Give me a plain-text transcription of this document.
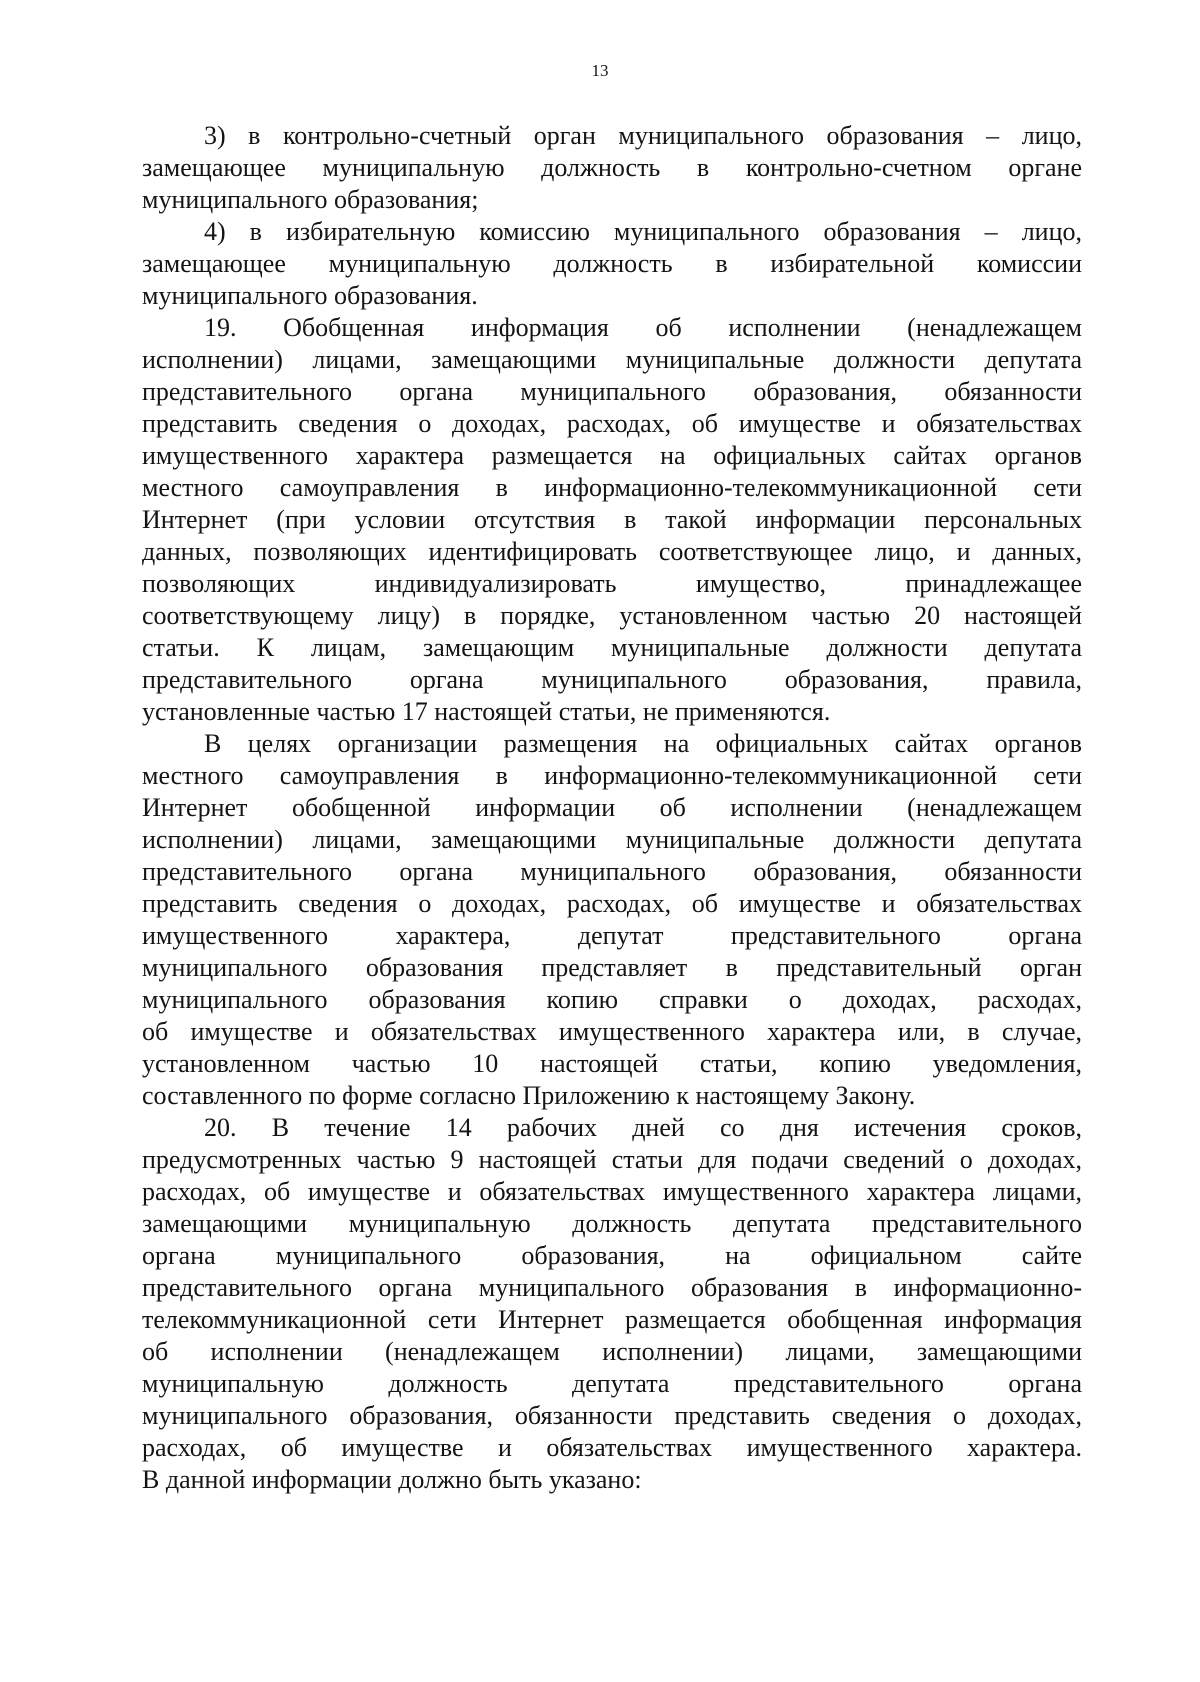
13
3) в контрольно-счетный орган муниципального образования – лицо,
замещающее муниципальную должность в контрольно-счетном органе
муниципального образования;
4) в избирательную комиссию муниципального образования – лицо,
замещающее муниципальную должность в избирательной комиссии
муниципального образования.
19. Обобщенная информация об исполнении (ненадлежащем
исполнении) лицами, замещающими муниципальные должности депутата
представительного органа муниципального образования, обязанности
представить сведения о доходах, расходах, об имуществе и обязательствах
имущественного характера размещается на официальных сайтах органов
местного самоуправления в информационно-телекоммуникационной сети
Интернет (при условии отсутствия в такой информации персональных
данных, позволяющих идентифицировать соответствующее лицо, и данных,
позволяющих индивидуализировать имущество, принадлежащее
соответствующему лицу) в порядке, установленном частью 20 настоящей
статьи. К лицам, замещающим муниципальные должности депутата
представительного органа муниципального образования, правила,
установленные частью 17 настоящей статьи, не применяются.
В целях организации размещения на официальных сайтах органов
местного самоуправления в информационно-телекоммуникационной сети
Интернет обобщенной информации об исполнении (ненадлежащем
исполнении) лицами, замещающими муниципальные должности депутата
представительного органа муниципального образования, обязанности
представить сведения о доходах, расходах, об имуществе и обязательствах
имущественного характера, депутат представительного органа
муниципального образования представляет в представительный орган
муниципального образования копию справки о доходах, расходах,
об имуществе и обязательствах имущественного характера или, в случае,
установленном частью 10 настоящей статьи, копию уведомления,
составленного по форме согласно Приложению к настоящему Закону.
20. В течение 14 рабочих дней со дня истечения сроков,
предусмотренных частью 9 настоящей статьи для подачи сведений о доходах,
расходах, об имуществе и обязательствах имущественного характера лицами,
замещающими муниципальную должность депутата представительного
органа муниципального образования, на официальном сайте
представительного органа муниципального образования в информационно-
телекоммуникационной сети Интернет размещается обобщенная информация
об исполнении (ненадлежащем исполнении) лицами, замещающими
муниципальную должность депутата представительного органа
муниципального образования, обязанности представить сведения о доходах,
расходах, об имуществе и обязательствах имущественного характера.
В данной информации должно быть указано:
